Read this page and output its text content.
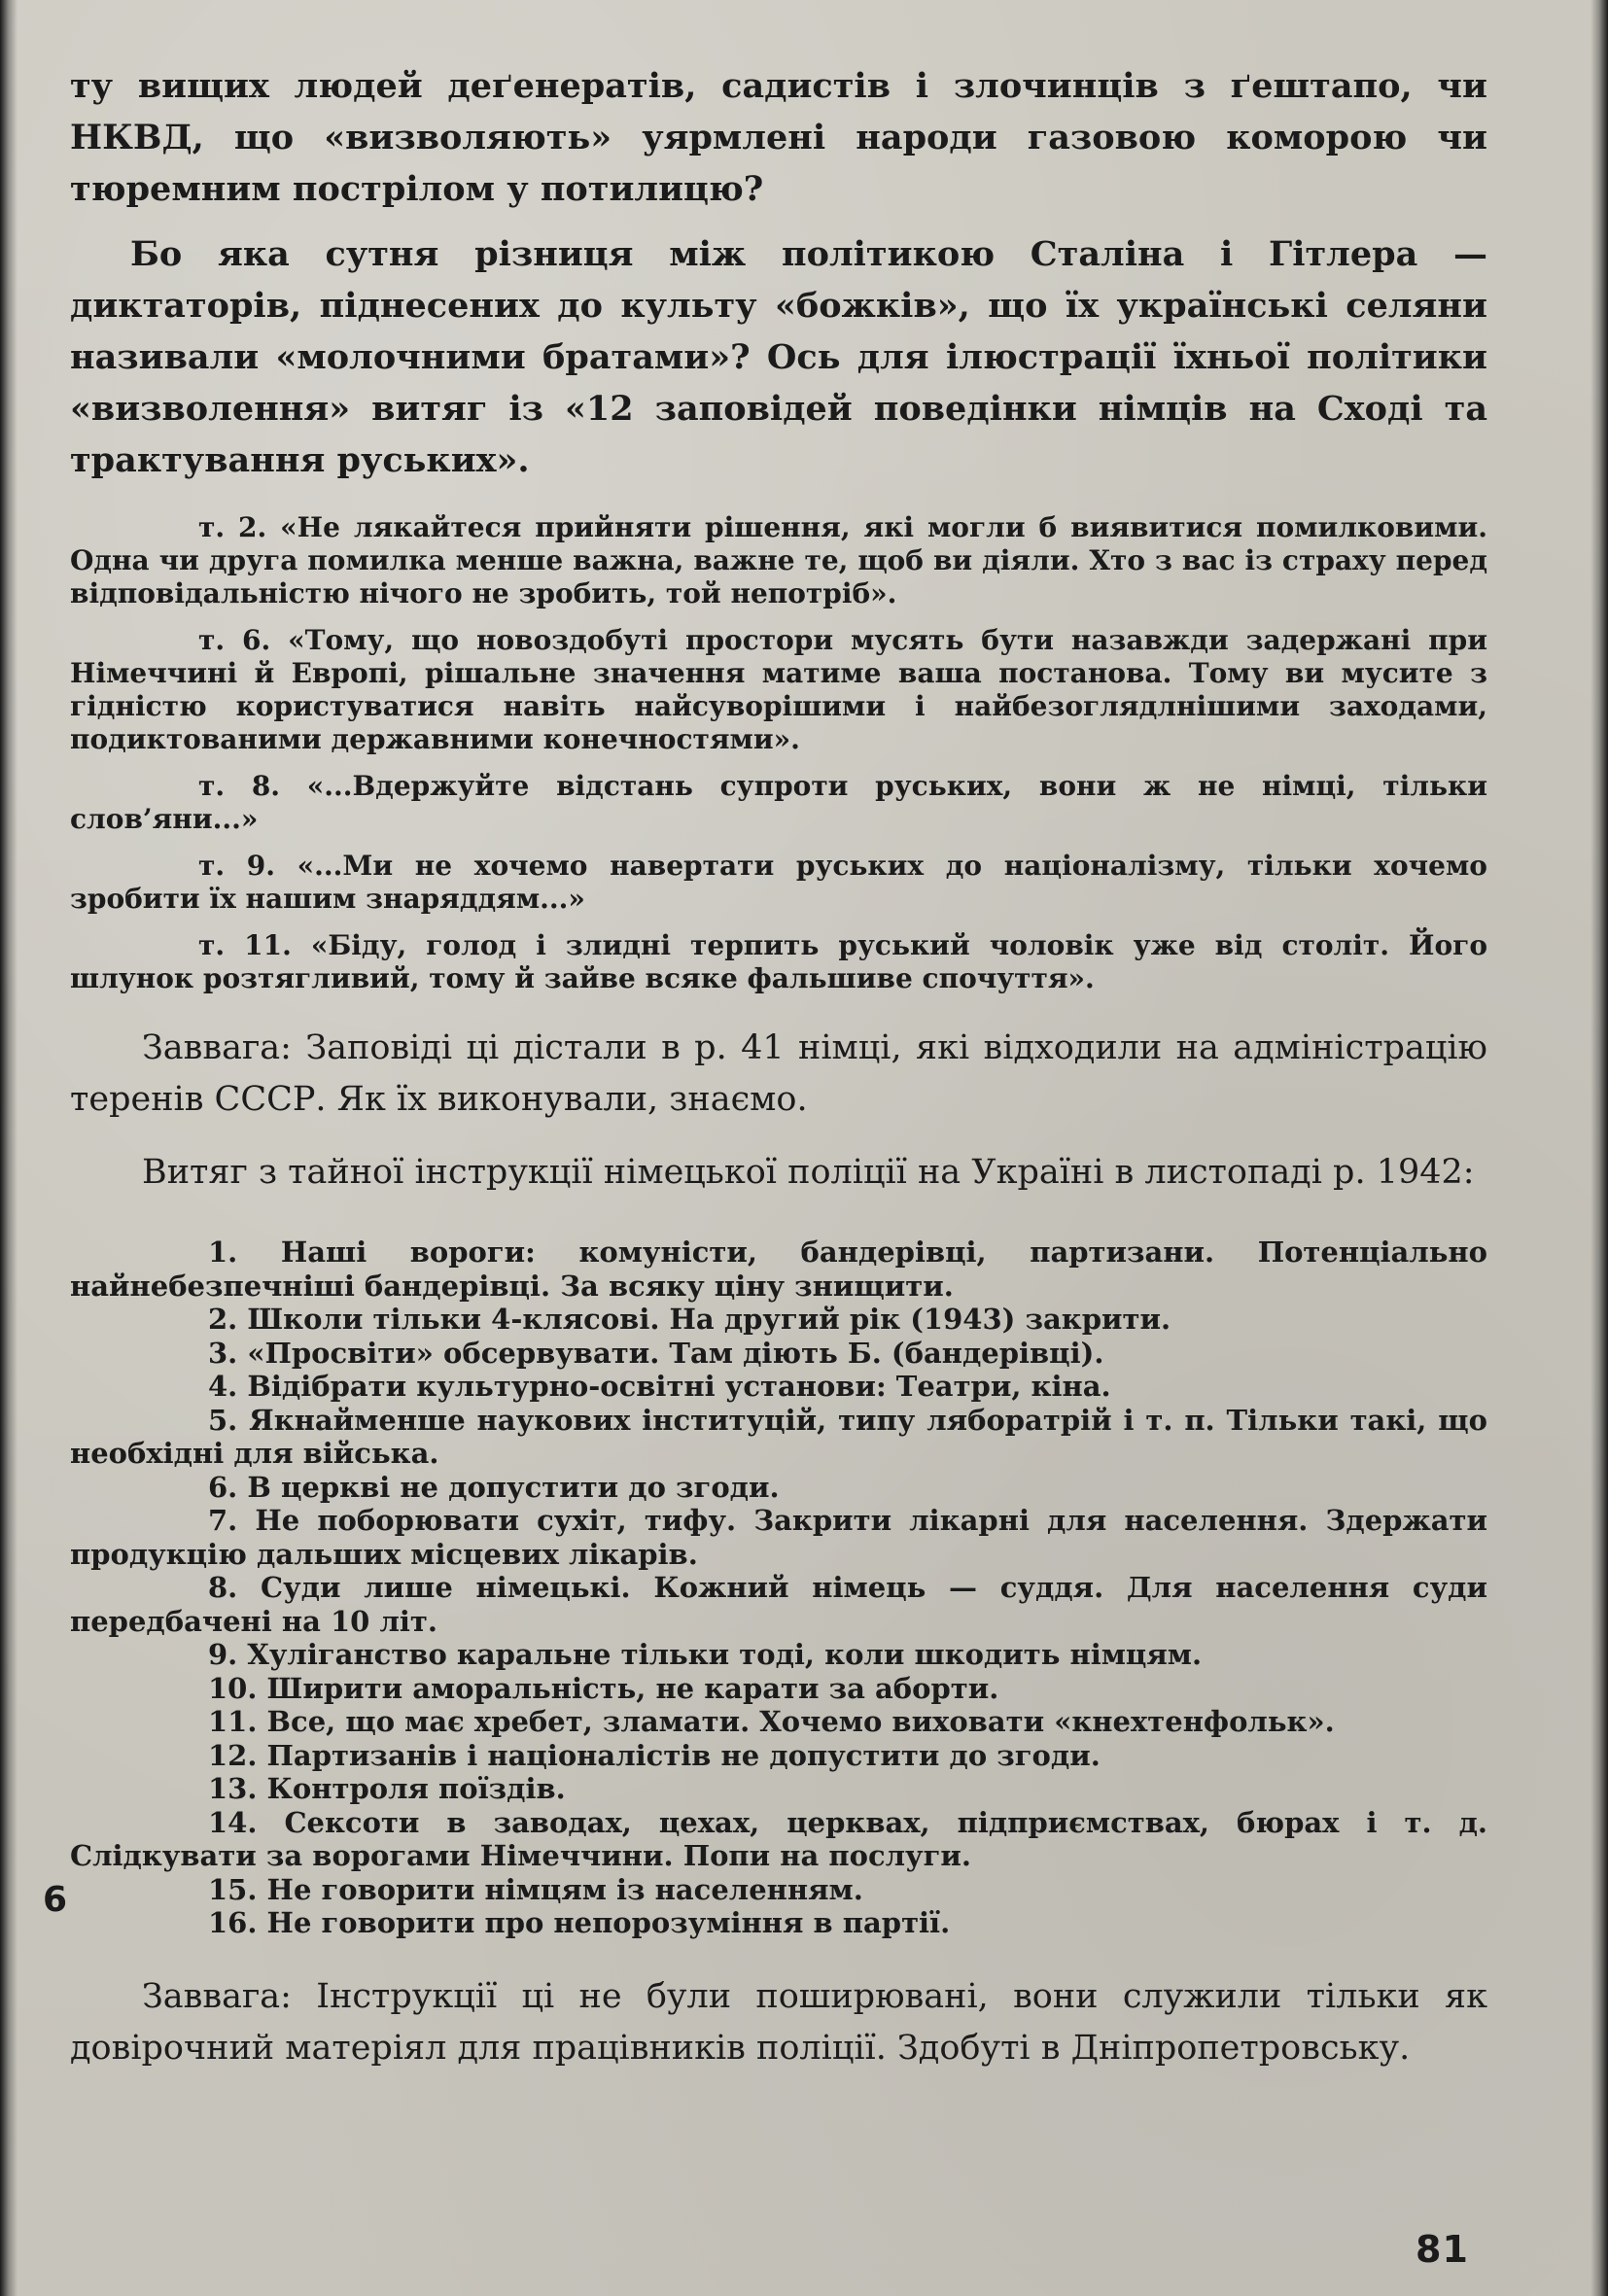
ту вищих людей деґенератів, садистів і злочинців з ґештапо, чи НКВД, що «визволяють» уярмлені народи газовою коморою чи тюремним пострілом у потилицю?

Бо яка сутня різниця між політикою Сталіна і Гітлера — диктаторів, піднесених до культу «божків», що їх українські селяни називали «молочними братами»? Ось для ілюстрації їхньої політики «визволення» витяг із «12 заповідей поведінки німців на Сході та трактування руських».

т. 2. «Не лякайтеся прийняти рішення, які могли б виявитися помилковими. Одна чи друга помилка менше важна, важне те, щоб ви діяли. Хто з вас із страху перед відповідальністю нічого не зробить, той непотріб».

т. 6. «Тому, що новоздобуті простори мусять бути назавжди задержані при Німеччині й Европі, рішальне значення матиме ваша постанова. Тому ви мусите з гідністю користуватися навіть найсуворішими і найбезоглядлнішими заходами, подиктованими державними конечностями».

т. 8. «...Вдержуйте відстань супроти руських, вони ж не німці, тільки слов’яни...»

т. 9. «...Ми не хочемо навертати руських до націоналізму, тільки хочемо зробити їх нашим знаряддям...»

т. 11. «Біду, голод і злидні терпить руський чоловік уже від століт. Його шлунок розтягливий, тому й зайве всяке фальшиве спочуття».

Заввага: Заповіді ці дістали в р. 41 німці, які відходили на адміністрацію теренів СССР. Як їх виконували, знаємо.

Витяг з тайної інструкції німецької поліції на Україні в листопаді р. 1942:

1. Наші вороги: комуністи, бандерівці, партизани. Потенціально найнебезпечніші бандерівці. За всяку ціну знищити.

2. Школи тільки 4-клясові. На другий рік (1943) закрити.

3. «Просвіти» обсервувати. Там діють Б. (бандерівці).

4. Відібрати культурно-освітні установи: Театри, кіна.

5. Якнайменше наукових інституцій, типу ляборатрій і т. п. Тільки такі, що необхідні для війська.

6. В церкві не допустити до згоди.

7. Не поборювати сухіт, тифу. Закрити лікарні для населення. Здержати продукцію дальших місцевих лікарів.

8. Суди лише німецькі. Кожний німець — суддя. Для населення суди передбачені на 10 літ.

9. Хуліганство каральне тільки тоді, коли шкодить німцям.

10. Ширити аморальність, не карати за аборти.

11. Все, що має хребет, зламати. Хочемо виховати «кнехтенфольк».

12. Партизанів і націоналістів не допустити до згоди.

13. Контроля поїздів.

14. Сексоти в заводах, цехах, церквах, підприємствах, бюрах і т. д. Слідкувати за ворогами Німеччини. Попи на послуги.

15. Не говорити німцям із населенням.

16. Не говорити про непорозуміння в партії.

Заввага: Інструкції ці не були поширювані, вони служили тільки як довірочний матеріял для працівників поліції. Здобуті в Дніпропетровську.

6
81
